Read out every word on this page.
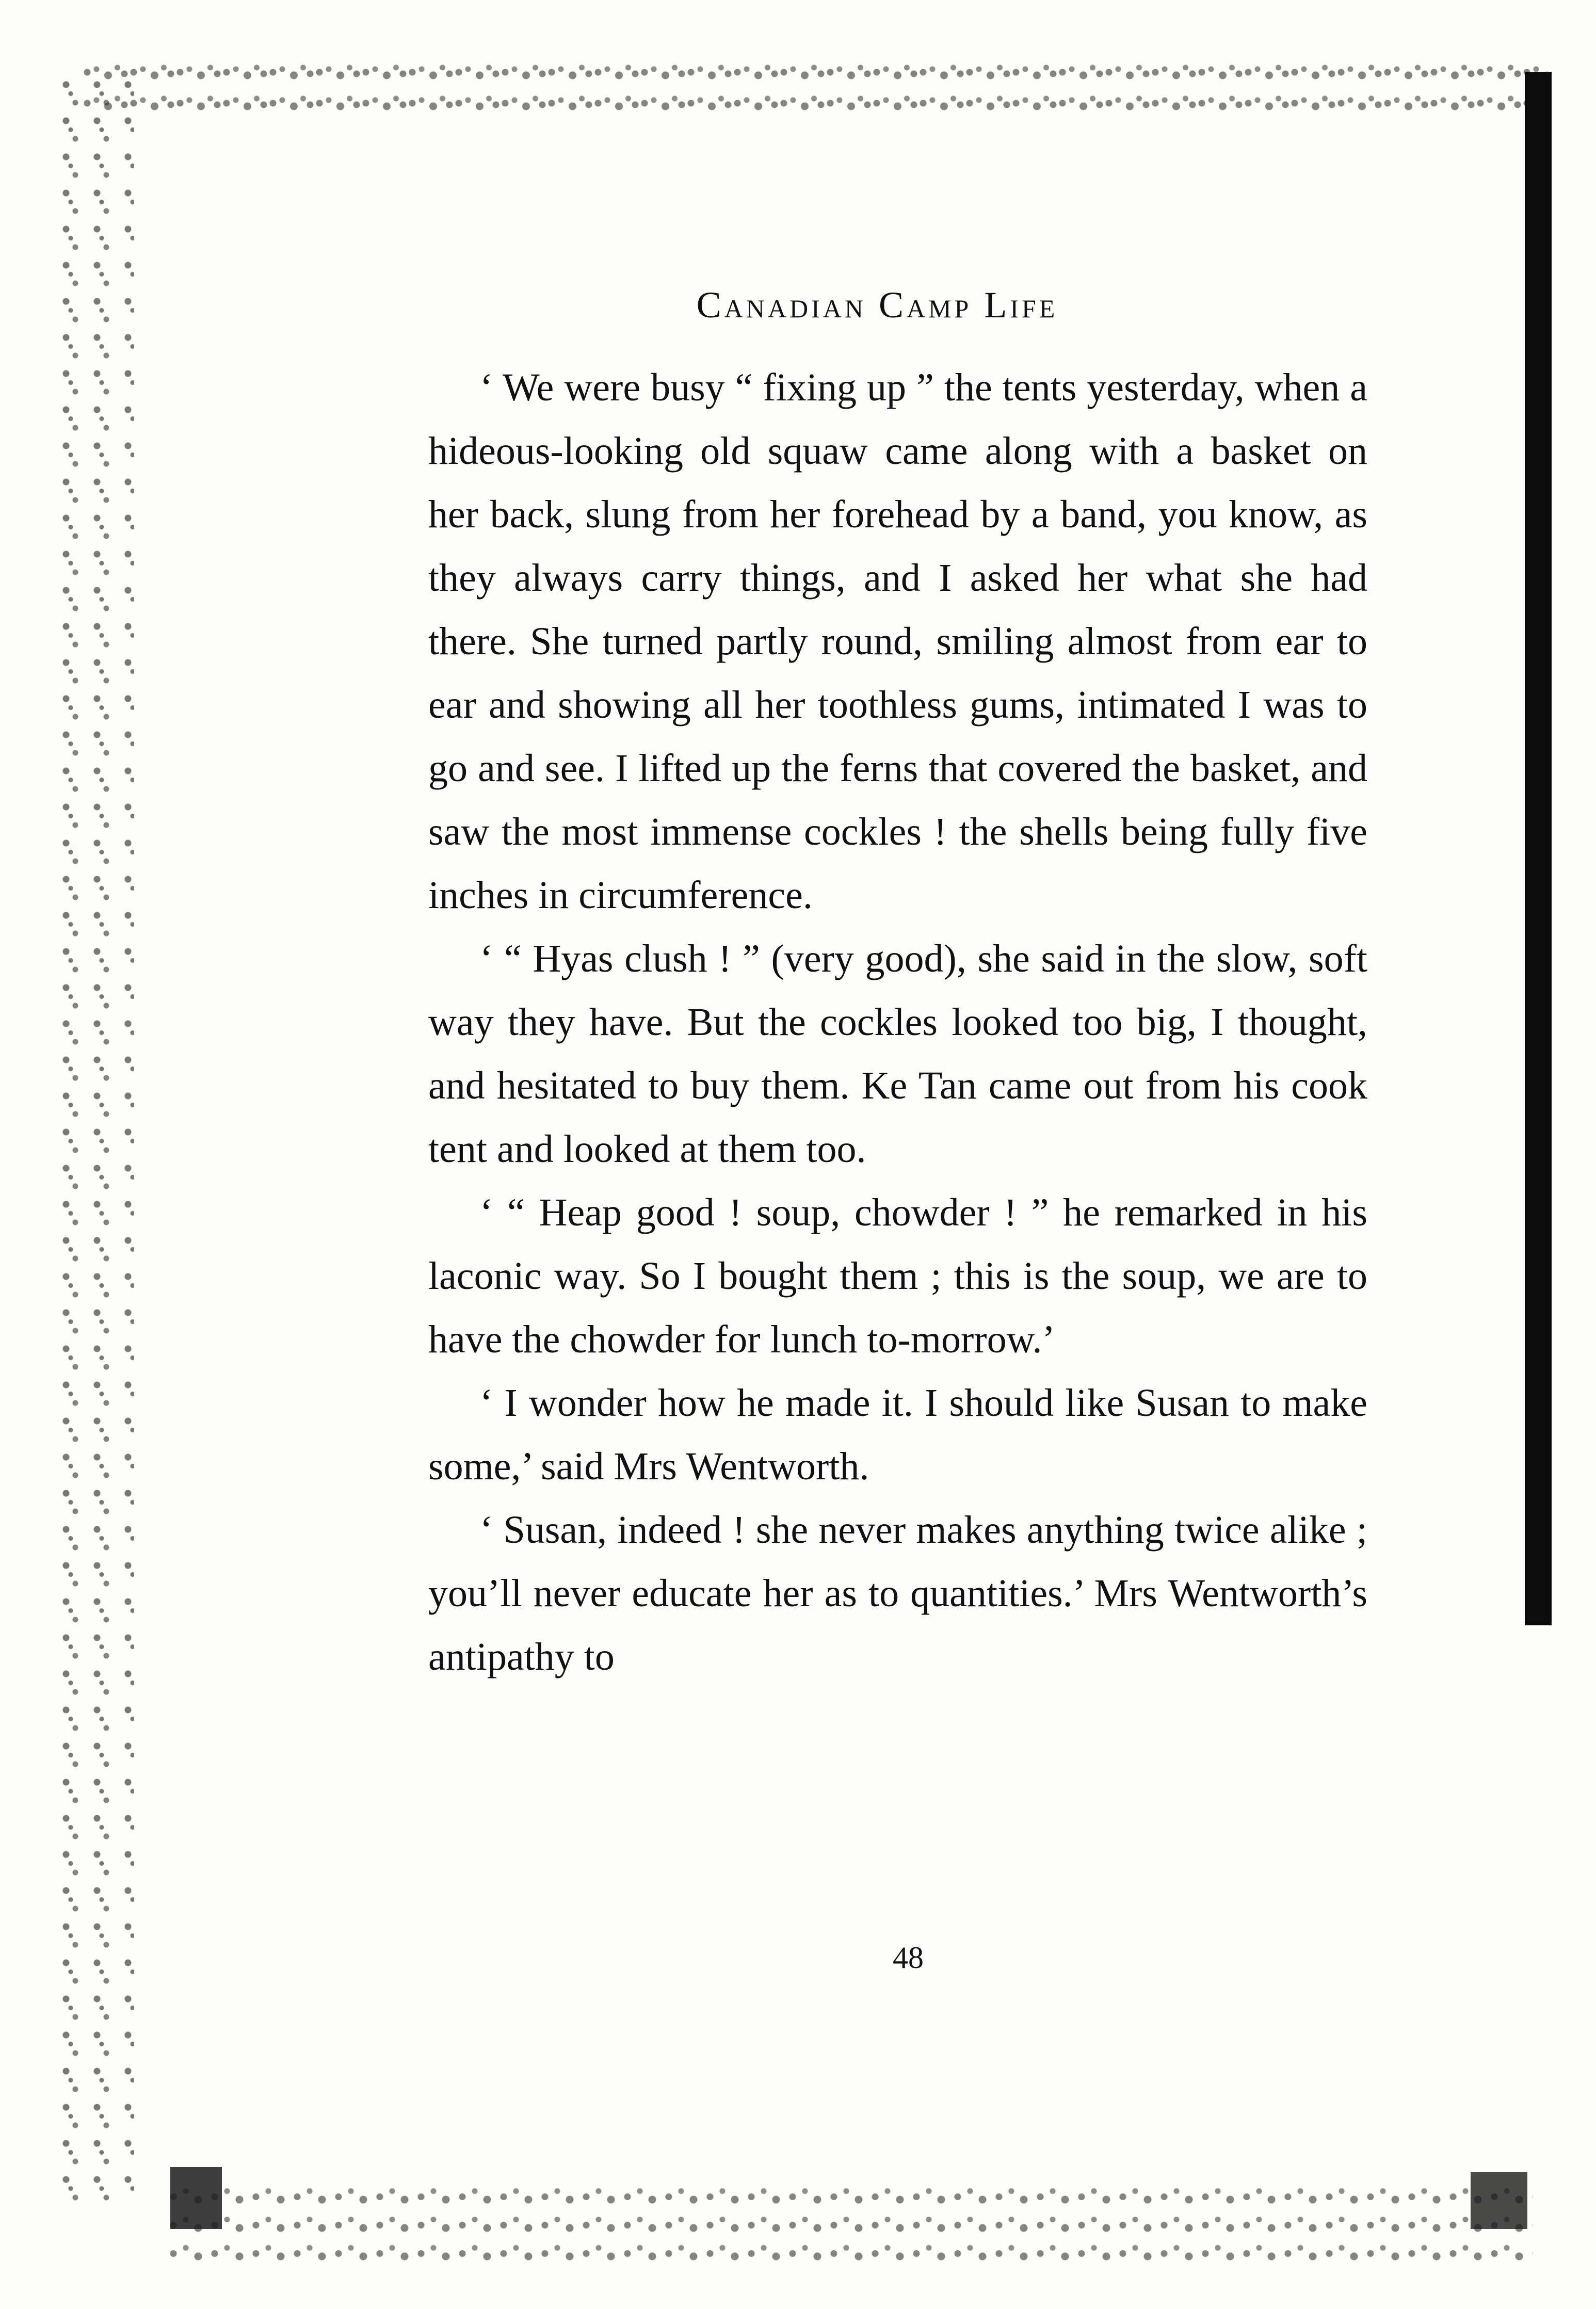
Canadian Camp Life

‘ We were busy “ fixing up ” the tents yesterday, when a hideous-looking old squaw came along with a basket on her back, slung from her forehead by a band, you know, as they always carry things, and I asked her what she had there. She turned partly round, smiling almost from ear to ear and showing all her toothless gums, intimated I was to go and see. I lifted up the ferns that covered the basket, and saw the most immense cockles ! the shells being fully five inches in circumference.

‘ “ Hyas clush ! ” (very good), she said in the slow, soft way they have. But the cockles looked too big, I thought, and hesitated to buy them. Ke Tan came out from his cook tent and looked at them too.

‘ “ Heap good ! soup, chowder ! ” he remarked in his laconic way. So I bought them ; this is the soup, we are to have the chowder for lunch to-morrow.’

‘ I wonder how he made it. I should like Susan to make some,’ said Mrs Wentworth.

‘ Susan, indeed ! she never makes anything twice alike ; you’ll never educate her as to quantities.’ Mrs Wentworth’s antipathy to

48
